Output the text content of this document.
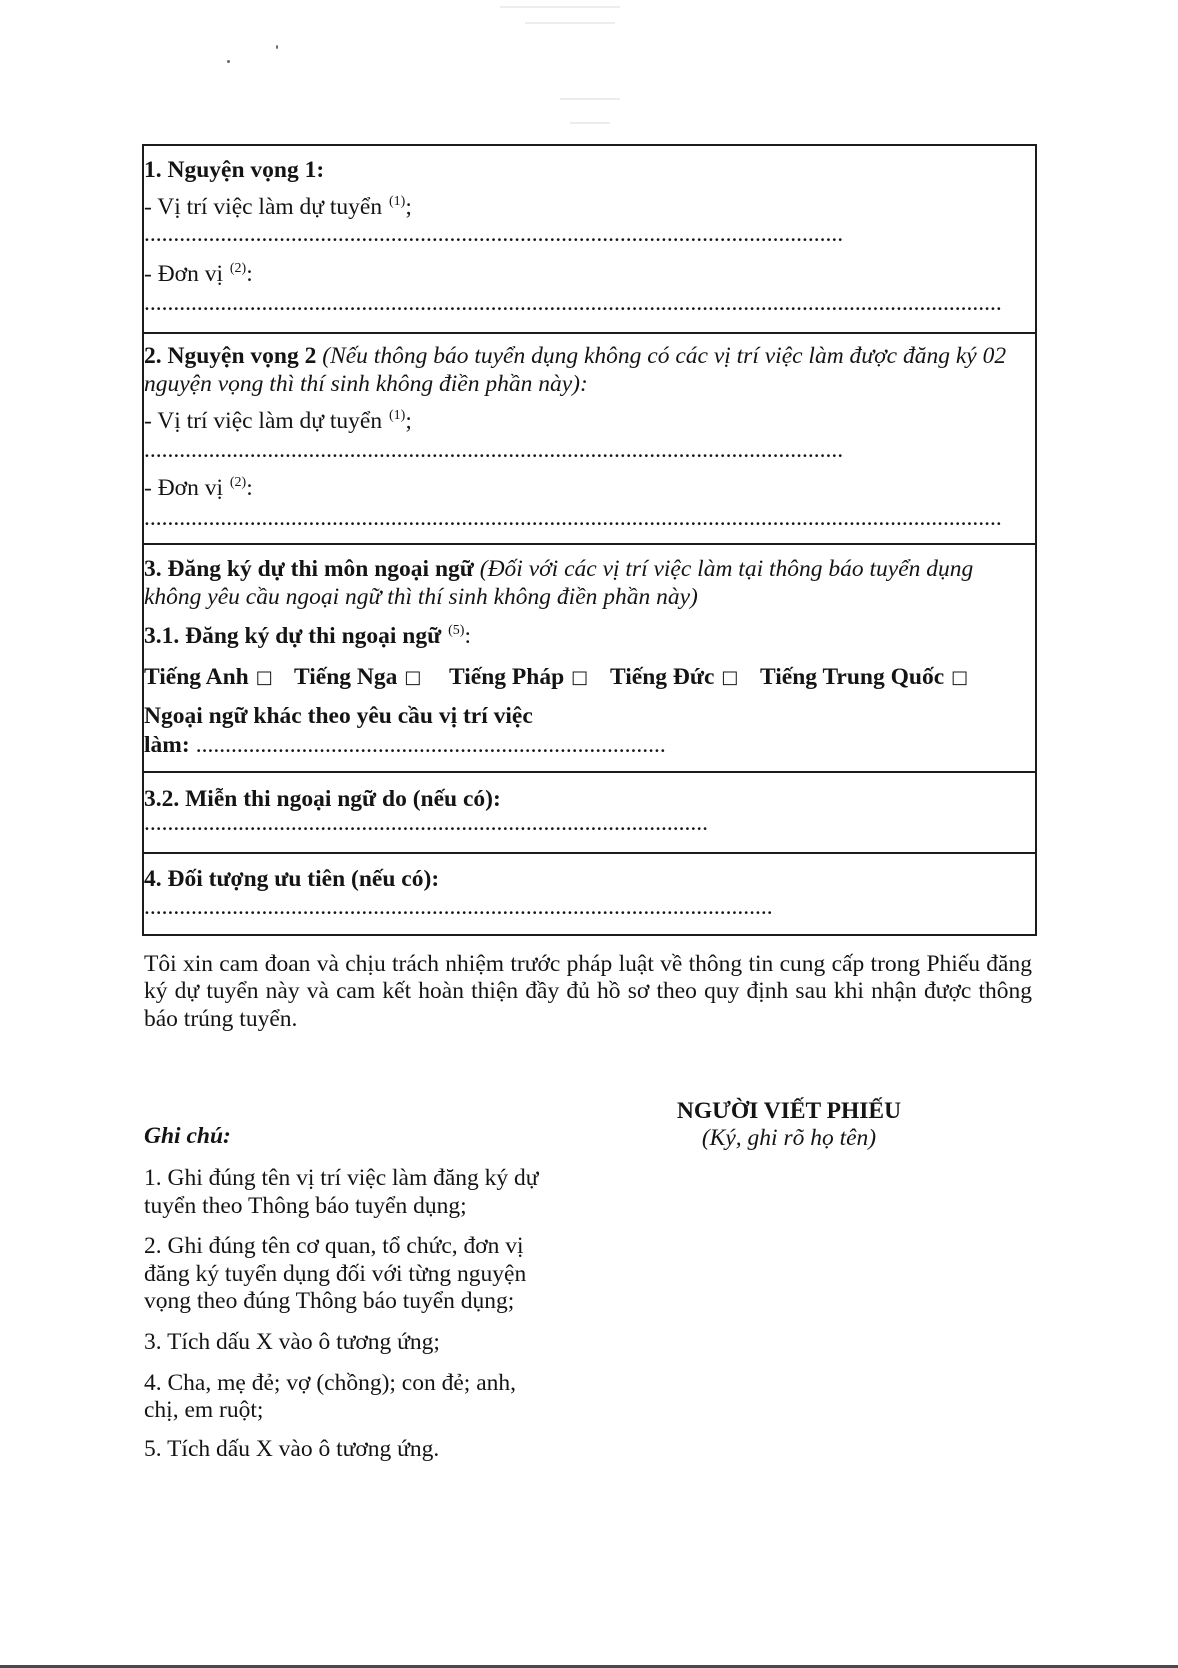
1. Nguyện vọng 1:
- Vị trí việc làm dự tuyển $^{(1)}$;
.......................................................................................................................
- Đơn vị $^{(2)}$:
..................................................................................................................................................
2. Nguyện vọng 2 (Nếu thông báo tuyển dụng không có các vị trí việc làm được đăng ký 02
nguyện vọng thì thí sinh không điền phần này):
- Vị trí việc làm dự tuyển $^{(1)}$;
.......................................................................................................................
- Đơn vị $^{(2)}$:
..................................................................................................................................................
3. Đăng ký dự thi môn ngoại ngữ (Đối với các vị trí việc làm tại thông báo tuyển dụng
không yêu cầu ngoại ngữ thì thí sinh không điền phần này)
3.1. Đăng ký dự thi ngoại ngữ $^{(5)}$:
Tiếng Anh □ Tiếng Nga □ Tiếng Pháp □ Tiếng Đức □ Tiếng Trung Quốc □
Ngoại ngữ khác theo yêu cầu vị trí việc
làm: ................................................................................
3.2. Miễn thi ngoại ngữ do (nếu có):
................................................................................................
4. Đối tượng ưu tiên (nếu có):
...........................................................................................................
Tôi xin cam đoan và chịu trách nhiệm trước pháp luật về thông tin cung cấp trong Phiếu đăng
ký dự tuyển này và cam kết hoàn thiện đầy đủ hồ sơ theo quy định sau khi nhận được thông
báo trúng tuyển.
NGƯỜI VIẾT PHIẾU
(Ký, ghi rõ họ tên)
Ghi chú:
1. Ghi đúng tên vị trí việc làm đăng ký dự
tuyển theo Thông báo tuyển dụng;
2. Ghi đúng tên cơ quan, tổ chức, đơn vị
đăng ký tuyển dụng đối với từng nguyện
vọng theo đúng Thông báo tuyển dụng;
3. Tích dấu X vào ô tương ứng;
4. Cha, mẹ đẻ; vợ (chồng); con đẻ; anh,
chị, em ruột;
5. Tích dấu X vào ô tương ứng.
